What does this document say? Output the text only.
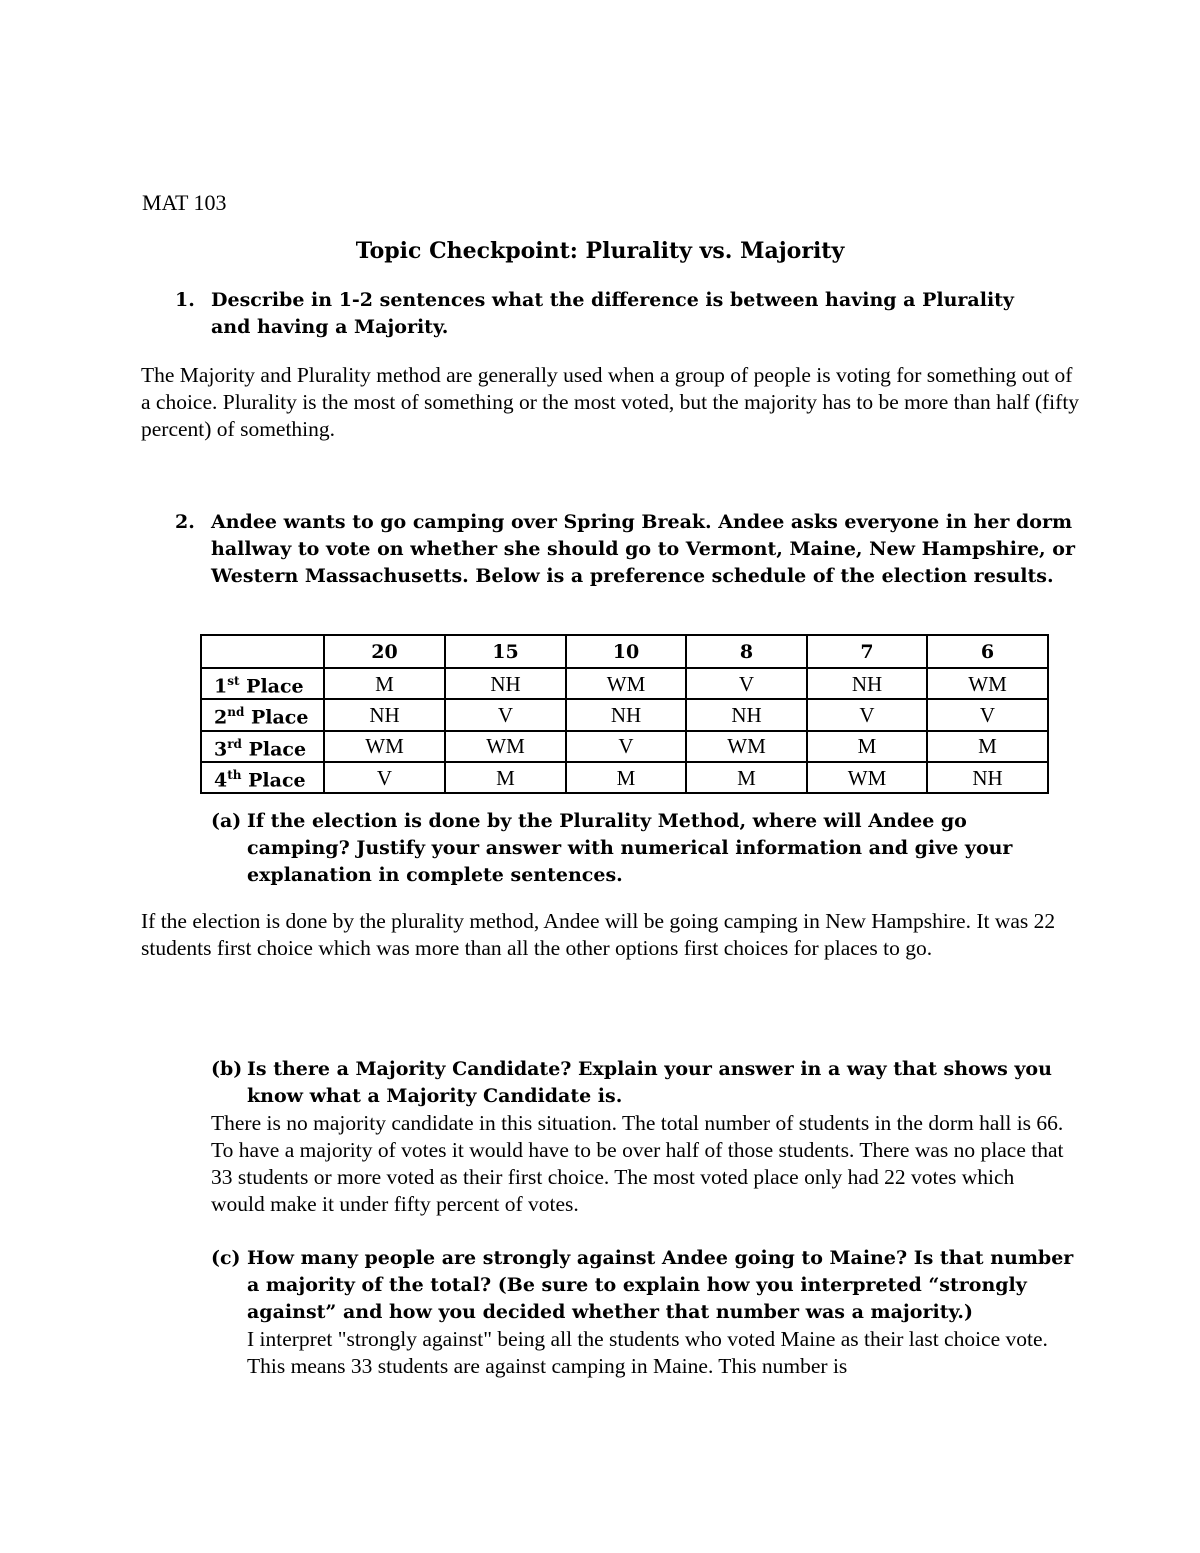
MAT 103
Topic Checkpoint: Plurality vs. Majority
1. Describe in 1-2 sentences what the difference is between having a Plurality and having a Majority.
The Majority and Plurality method are generally used when a group of people is voting for something out of a choice. Plurality is the most of something or the most voted, but the majority has to be more than half (fifty percent) of something.
2. Andee wants to go camping over Spring Break. Andee asks everyone in her dorm hallway to vote on whether she should go to Vermont, Maine, New Hampshire, or Western Massachusetts. Below is a preference schedule of the election results.
	20	15	10	8	7	6
1st Place	M	NH	WM	V	NH	WM
2nd Place	NH	V	NH	NH	V	V
3rd Place	WM	WM	V	WM	M	M
4th Place	V	M	M	M	WM	NH
(a) If the election is done by the Plurality Method, where will Andee go camping? Justify your answer with numerical information and give your explanation in complete sentences.
If the election is done by the plurality method, Andee will be going camping in New Hampshire. It was 22 students first choice which was more than all the other options first choices for places to go.
(b) Is there a Majority Candidate? Explain your answer in a way that shows you know what a Majority Candidate is.
There is no majority candidate in this situation. The total number of students in the dorm hall is 66. To have a majority of votes it would have to be over half of those students. There was no place that 33 students or more voted as their first choice. The most voted place only had 22 votes which would make it under fifty percent of votes.
(c) How many people are strongly against Andee going to Maine? Is that number a majority of the total? (Be sure to explain how you interpreted “strongly against” and how you decided whether that number was a majority.)
I interpret "strongly against" being all the students who voted Maine as their last choice vote. This means 33 students are against camping in Maine. This number is
